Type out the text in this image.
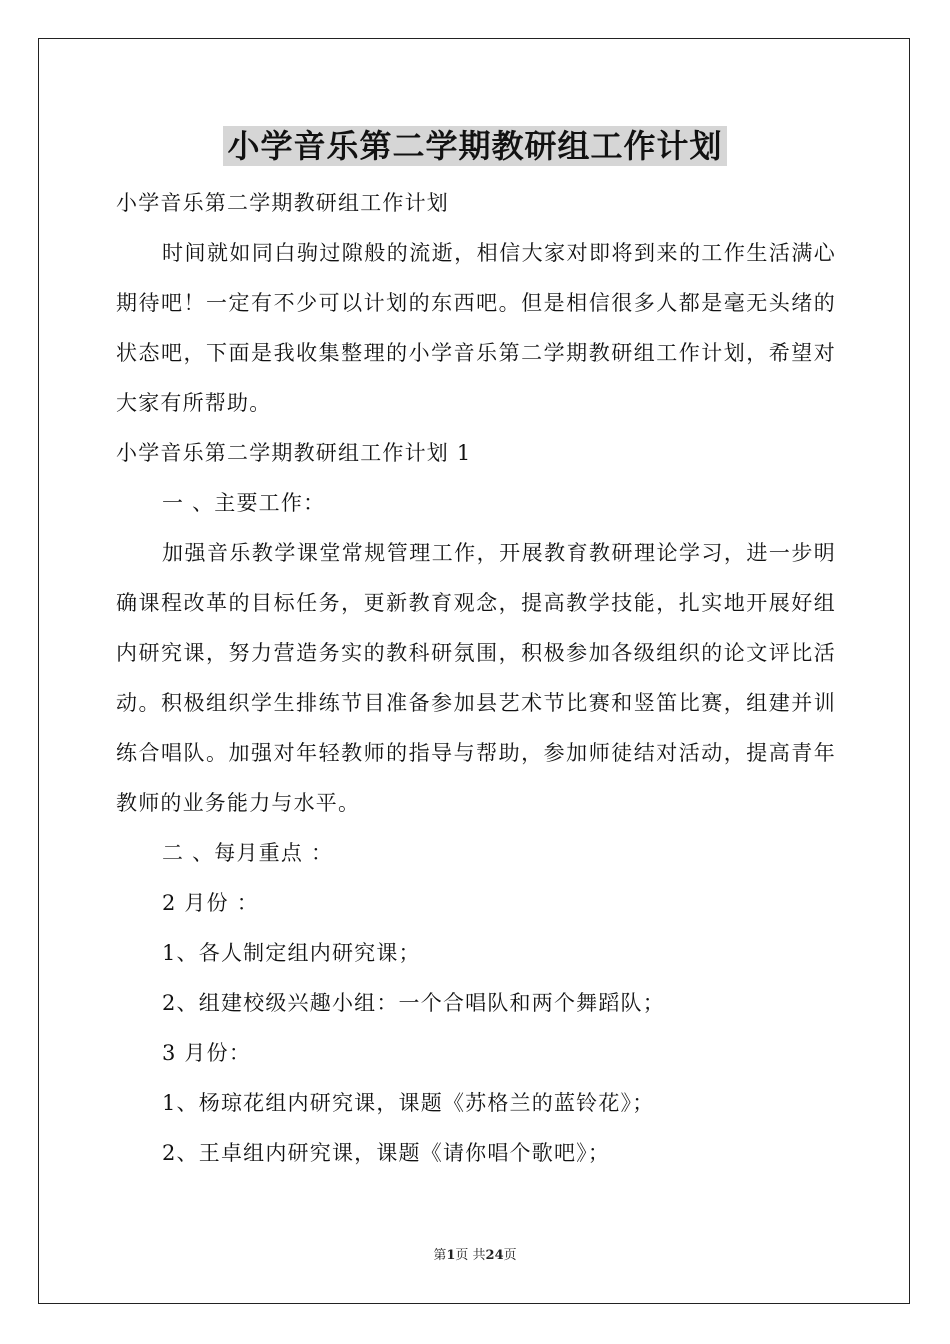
小学音乐第二学期教研组工作计划

小学音乐第二学期教研组工作计划

时间就如同白驹过隙般的流逝，相信大家对即将到来的工作生活满心期待吧！一定有不少可以计划的东西吧。但是相信很多人都是毫无头绪的状态吧，下面是我收集整理的小学音乐第二学期教研组工作计划，希望对大家有所帮助。

小学音乐第二学期教研组工作计划 1

一 、主要工作：

加强音乐教学课堂常规管理工作，开展教育教研理论学习，进一步明确课程改革的目标任务，更新教育观念，提高教学技能，扎实地开展好组内研究课，努力营造务实的教科研氛围，积极参加各级组织的论文评比活动。积极组织学生排练节目准备参加县艺术节比赛和竖笛比赛，组建并训练合唱队。加强对年轻教师的指导与帮助，参加师徒结对活动，提高青年教师的业务能力与水平。

二 、每月重点 ：

2 月份 ：

1、各人制定组内研究课；

2、组建校级兴趣小组：一个合唱队和两个舞蹈队；

3 月份：

1、杨琼花组内研究课，课题《苏格兰的蓝铃花》；

2、王卓组内研究课，课题《请你唱个歌吧》；

第1页 共24页
